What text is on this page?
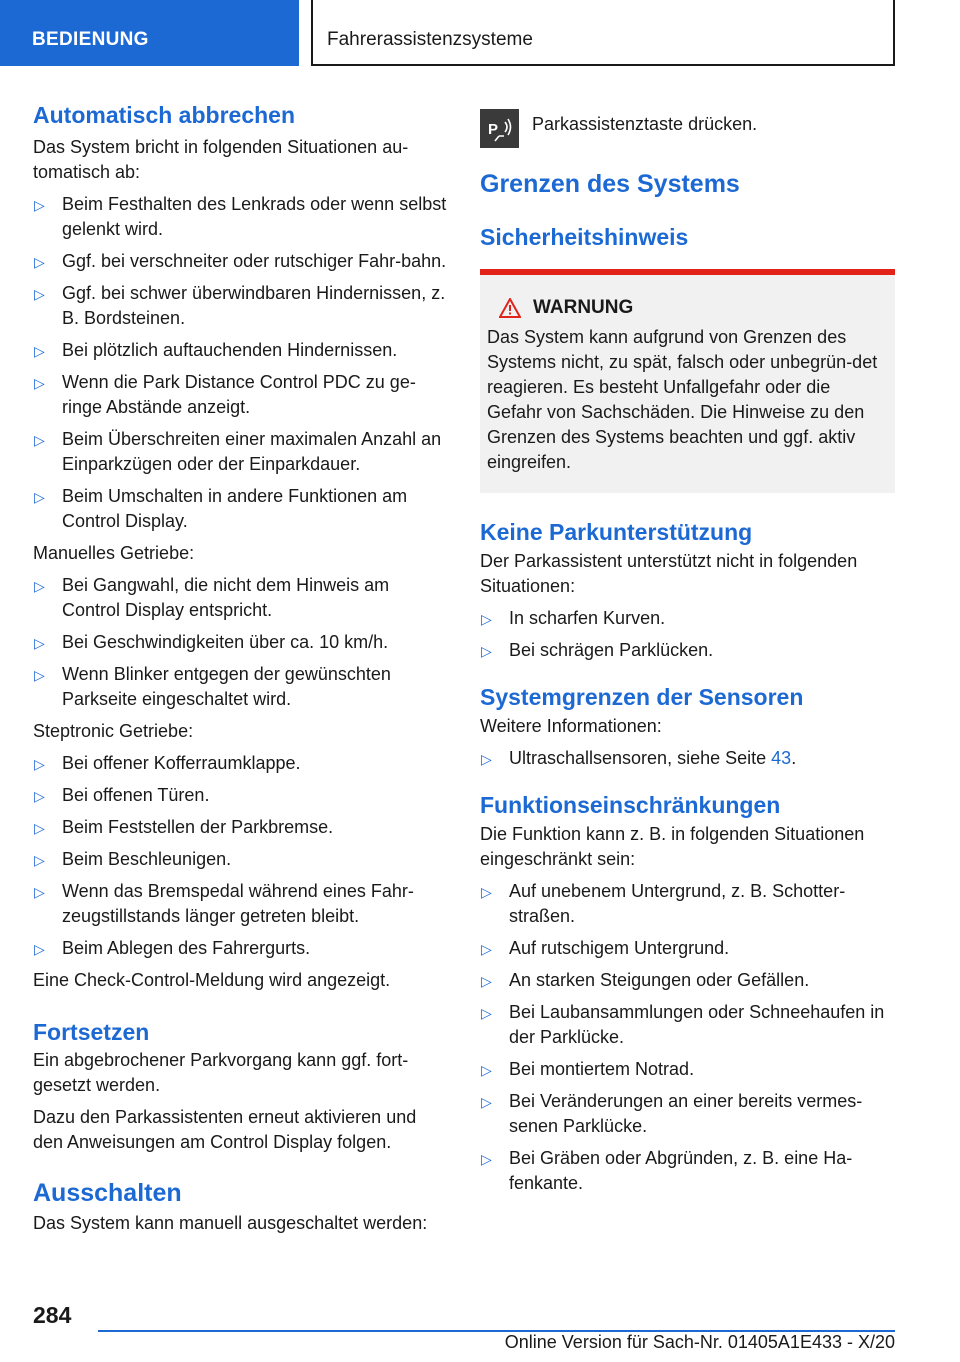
BEDIENUNG	Fahrerassistenzsysteme
Automatisch abbrechen

Das System bricht in folgenden Situationen au-tomatisch ab:

▷ Beim Festhalten des Lenkrads oder wenn selbst gelenkt wird.
▷ Ggf. bei verschneiter oder rutschiger Fahr-bahn.
▷ Ggf. bei schwer überwindbaren Hindernissen, z. B. Bordsteinen.
▷ Bei plötzlich auftauchenden Hindernissen.
▷ Wenn die Park Distance Control PDC zu ge-ringe Abstände anzeigt.
▷ Beim Überschreiten einer maximalen Anzahl an Einparkzügen oder der Einparkdauer.
▷ Beim Umschalten in andere Funktionen am Control Display.

Manuelles Getriebe:

▷ Bei Gangwahl, die nicht dem Hinweis am Control Display entspricht.
▷ Bei Geschwindigkeiten über ca. 10 km/h.
▷ Wenn Blinker entgegen der gewünschten Parkseite eingeschaltet wird.

Steptronic Getriebe:

▷ Bei offener Kofferraumklappe.
▷ Bei offenen Türen.
▷ Beim Feststellen der Parkbremse.
▷ Beim Beschleunigen.
▷ Wenn das Bremspedal während eines Fahr-zeugstillstands länger getreten bleibt.
▷ Beim Ablegen des Fahrergurts.

Eine Check-Control-Meldung wird angezeigt.

Fortsetzen

Ein abgebrochener Parkvorgang kann ggf. fort-gesetzt werden.

Dazu den Parkassistenten erneut aktivieren und den Anweisungen am Control Display folgen.

Ausschalten

Das System kann manuell ausgeschaltet werden:

P Parkassistenztaste drücken.

Grenzen des Systems
Sicherheitshinweis
WARNUNG

Das System kann aufgrund von Grenzen des Systems nicht, zu spät, falsch oder unbegrün-det reagieren. Es besteht Unfallgefahr oder die Gefahr von Sachschäden. Die Hinweise zu den Grenzen des Systems beachten und ggf. aktiv eingreifen.

Keine Parkunterstützung

Der Parkassistent unterstützt nicht in folgenden Situationen:

▷ In scharfen Kurven.
▷ Bei schrägen Parklücken.
Systemgrenzen der Sensoren

Weitere Informationen:

▷ Ultraschallsensoren, siehe Seite 43.
Funktionseinschränkungen

Die Funktion kann z. B. in folgenden Situationen eingeschränkt sein:

▷ Auf unebenem Untergrund, z. B. Schotter-straßen.
▷ Auf rutschigem Untergrund.
▷ An starken Steigungen oder Gefällen.
▷ Bei Laubansammlungen oder Schneehaufen in der Parklücke.
▷ Bei montiertem Notrad.
▷ Bei Veränderungen an einer bereits vermes-senen Parklücke.
▷ Bei Gräben oder Abgründen, z. B. eine Ha-fenkante.
284
Online Version für Sach-Nr. 01405A1E433 - X/20
